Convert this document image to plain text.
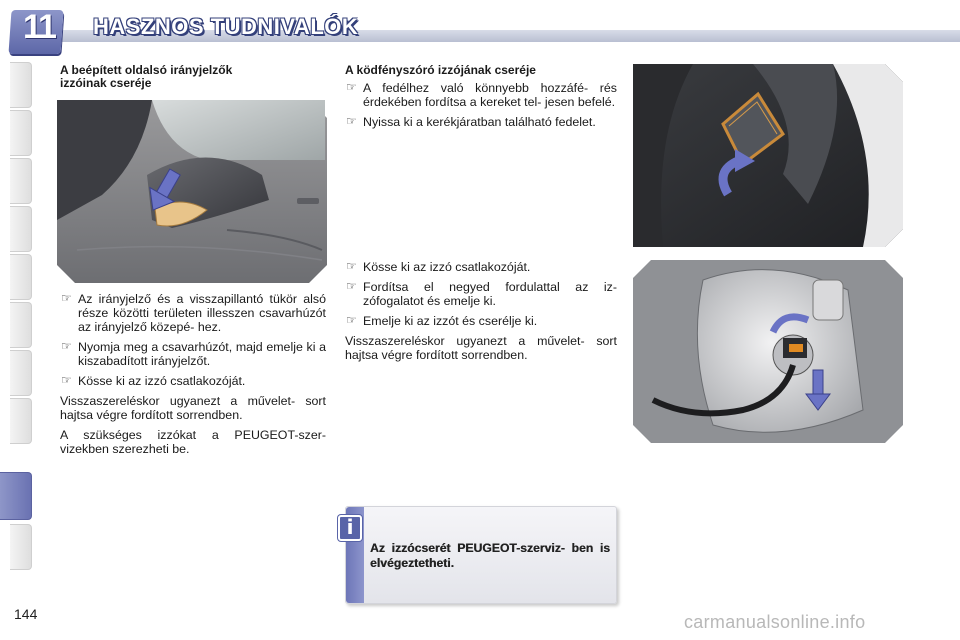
11	HASZNOS TUDNIVALÓK
A beépített oldalsó irányjelzők
izzóinak cseréje
☞ Az irányjelző és a visszapillantó tükör alsó része közötti területen illesszen csavarhúzót az irányjelző közepé- hez.
☞ Nyomja meg a csavarhúzót, majd emelje ki a kiszabadított irányjelzőt.
☞ Kösse ki az izzó csatlakozóját.
Visszaszereléskor ugyanezt a művelet- sort hajtsa végre fordított sorrendben.
A szükséges izzókat a PEUGEOT-szer- vizekben szerezheti be.
A ködfényszóró izzójának cseréje
☞ A fedélhez való könnyebb hozzáfé- rés érdekében fordítsa a kereket tel- jesen befelé.
☞ Nyissa ki a kerékjáratban található fedelet.
☞ Kösse ki az izzó csatlakozóját.
☞ Fordítsa el negyed fordulattal az iz- zófogalatot és emelje ki.
☞ Emelje ki az izzót és cserélje ki.
Visszaszereléskor ugyanezt a művelet- sort hajtsa végre fordított sorrendben.
i
Az izzócserét PEUGEOT-szerviz- ben is elvégeztetheti.
144	carmanualsonline.info
